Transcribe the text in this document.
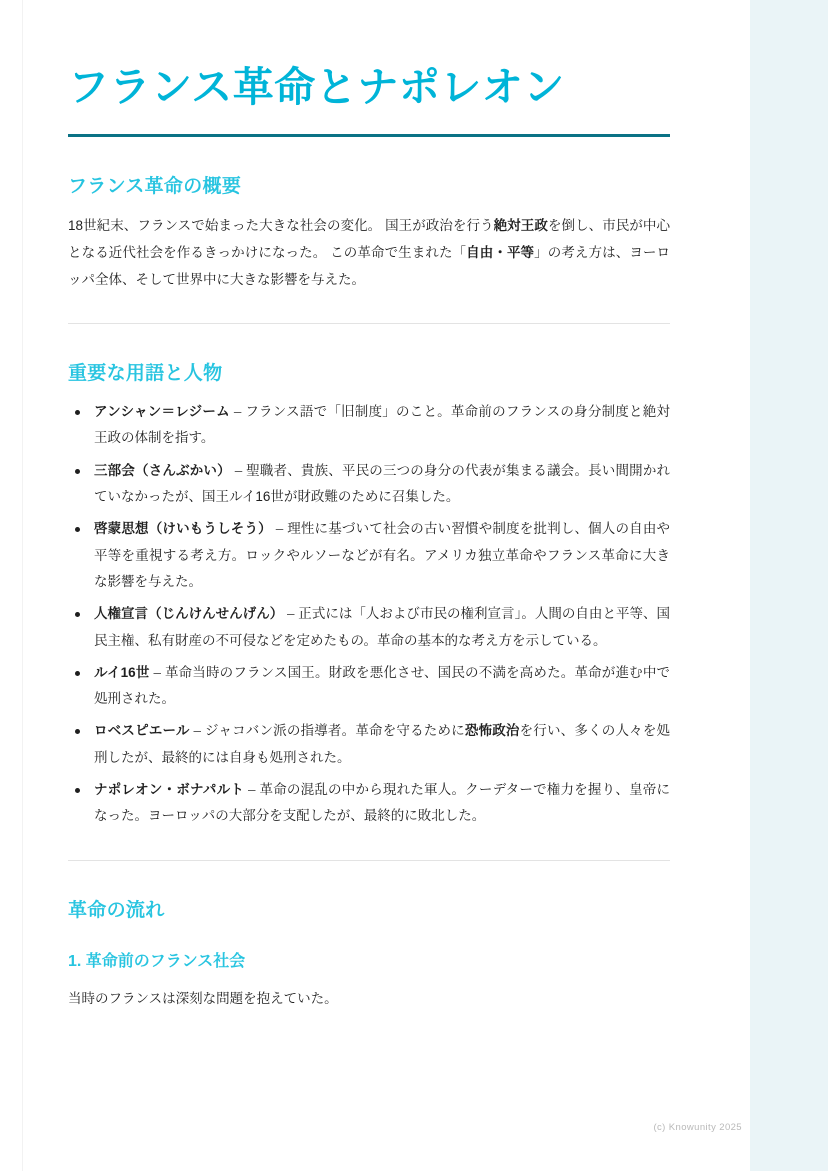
フランス革命とナポレオン
フランス革命の概要

18世紀末、フランスで始まった大きな社会の変化。 国王が政治を行う絶対王政を倒し、市民が中心となる近代社会を作るきっかけになった。 この革命で生まれた「自由・平等」の考え方は、ヨーロッパ全体、そして世界中に大きな影響を与えた。

重要な用語と人物
アンシャン＝レジーム – フランス語で「旧制度」のこと。革命前のフランスの身分制度と絶対王政の体制を指す。
三部会（さんぶかい） – 聖職者、貴族、平民の三つの身分の代表が集まる議会。長い間開かれていなかったが、国王ルイ16世が財政難のために召集した。
啓蒙思想（けいもうしそう） – 理性に基づいて社会の古い習慣や制度を批判し、個人の自由や平等を重視する考え方。ロックやルソーなどが有名。アメリカ独立革命やフランス革命に大きな影響を与えた。
人権宣言（じんけんせんげん） – 正式には「人および市民の権利宣言」。人間の自由と平等、国民主権、私有財産の不可侵などを定めたもの。革命の基本的な考え方を示している。
ルイ16世 – 革命当時のフランス国王。財政を悪化させ、国民の不満を高めた。革命が進む中で処刑された。
ロベスピエール – ジャコバン派の指導者。革命を守るために恐怖政治を行い、多くの人々を処刑したが、最終的には自身も処刑された。
ナポレオン・ボナパルト – 革命の混乱の中から現れた軍人。クーデターで権力を握り、皇帝になった。ヨーロッパの大部分を支配したが、最終的に敗北した。
革命の流れ
1. 革命前のフランス社会

当時のフランスは深刻な問題を抱えていた。

(c) Knowunity 2025
